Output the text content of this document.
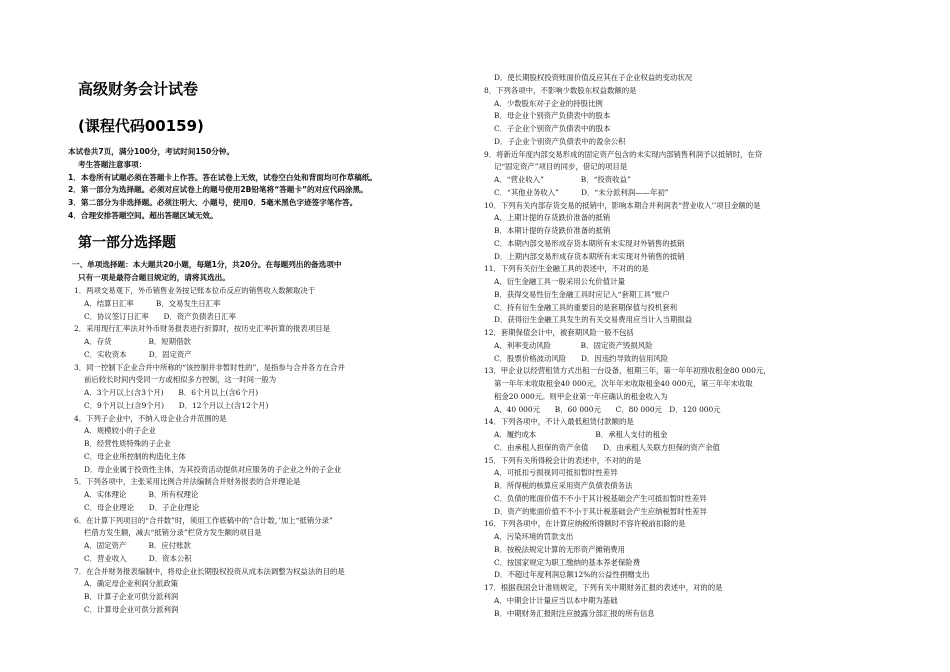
高级财务会计试卷
(课程代码00159)
本试卷共7页，满分100分，考试时间150分钟。
考生答题注意事项：
1．本卷所有试题必须在答题卡上作答。答在试卷上无效，试卷空白处和背面均可作草稿纸。
2．第一部分为选择题。必须对应试卷上的题号使用2B铅笔将“答题卡”的对应代码涂黑。
3．第二部分为非选择题。必须注明大、小题号，使用0．5毫米黑色字迹签字笔作答。
4．合理安排答题空间。超出答题区域无效。
第一部分选择题
一、单项选择题：本大题共20小题，每题1分，共20分。在每题列出的备选项中
只有一项是最符合题目规定的，请将其选出。
1．两项交易观下，外币销售业务按记账本位币反应的销售收入数额取决于
A．结算日汇率　　　B．交易发生日汇率
C．协议签订日汇率　　D．资产负债表日汇率
2．采用现行汇率法对外币财务报表进行折算时，按历史汇率折算的报表项目是
A．存货　　　　　B．短期借款
C．实收资本　　　D．固定资产
3．同一控制下企业合并中所称的“该控制并非暂时性的”，是指参与合并各方在合并
前后较长时间内受同一方或相似多方控制，这一时间一般为
A．3个月以上(含3个月)　　B．6个月以上(含6个月)
C．9个月以上(含9个月)　　D．12个月以上(含12个月)
4．下列子企业中，不纳入母企业合并范围的是
A．规模较小的子企业
B．经营性质特殊的子企业
C．母企业所控制的构造化主体
D．母企业属于投资性主体，为其投资活动提供对应服务的子企业之外的子企业
5．下列各项中，主张采用比例合并法编制合并财务报表的合并理论是
A．实体理论　　　B．所有权理论
C．母企业理论　　D．子企业理论
6．在计算下列项目的“合并数”时，须用工作底稿中的“合计数，’加上“抵销分录”
栏借方发生额，减去“抵销分录”栏贷方发生额的项目是
A．固定资产　　　B．应付账款
C．营业收入　　　D．资本公积
7．在合并财务报表编制中，将母企业长期股权投资从成本法调整为权益法的目的是
A．确定母企业利润分派政策
B．计算子企业可供分派利润
C．计算母企业可供分派利润
D．使长期股权投资账面价值反应其在子企业权益的变动状况
8．下列各项中，不影响少数股东权益数额的是
A．少数股东对子企业的持股比例
B．母企业个别资产负债表中的股本
C．子企业个别资产负债表中的股本
D．子企业个别资产负债表中的盈余公积
9．将新近年度内部交易形成的固定资产包含的未实现内部销售利润予以抵销时，在贷
记“固定资产”项目的同步，借记的项目是
A．“营业收入”　　　　　B．“投资收益”
C．“其他业务收入”　　　D．“未分派利润——年初”
10．下列有关内部存货交易的抵销中，影响本期合并利润表“营业收入’’项目金额的是
A．上期计提的存货跌价准备的抵销
B．本期计提的存货跌价准备的抵销
C．本期内部交易形成存货本期所有未实现对外销售的抵销
D．上期内部交易形成存货本期所有未实现对外销售的抵销
11．下列有关衍生金融工具的表述中，不对的的是
A．衍生金融工具一般采用公允价值计量
B．获得交易性衍生金融工具时应记入“套期工具”账户
C．持有衍生金融工具的重要目的是套期保值与投机套利
D．获得衍生金融工具发生的有关交易费用应当计入当期损益
12．套期保值会计中，被套期风险一般不包括
A．利率变动风险　　　　B．固定资产毁损风险
C．股票价格波动风险　　D．因违约导致的信用风险
13．甲企业以经营租赁方式出租一台设备，租期三年，第一年年初预收租金80 000元，
第一年年末收取租金40 000元，次年年末收取租金40 000元，第三年年末收取
租金20 000元。则甲企业第一年应确认的租金收入为
A．40 000元　　B．60 000元　　C．80 000元　D．120 000元
14．下列各项中，不计入最低租赁付款额的是
A．履约成本　　　　　　　　B．承租人支付的租金
C．由承租人担保的资产余值　　D．由承租人关联方担保的资产余值
15．下列有关所得税会计的表述中，不对的的是
A．可抵扣亏损视同可抵扣暂时性差异
B．所得税的核算应采用资产负债表债务法
C．负债的账面价值不不小于其计税基础会产生可抵扣暂时性差异
D．资产的账面价值不不小于其计税基础会产生应纳税暂时性差异
16．下列各项中，在计算应纳税所得额时不容许税前扣除的是
A．污染环境的罚款支出
B．按税法规定计算的无形资产摊销费用
C．按国家规定为职工缴纳的基本养老保险费
D．不超过年度利润总额12%的公益性捐赠支出
17．根据我国会计准则规定，下列有关中期财务汇报的表述中，对的的是
A．中期会计计量应当以本中期为基础
B．中期财务汇报附注应披露分部汇报的所有信息
